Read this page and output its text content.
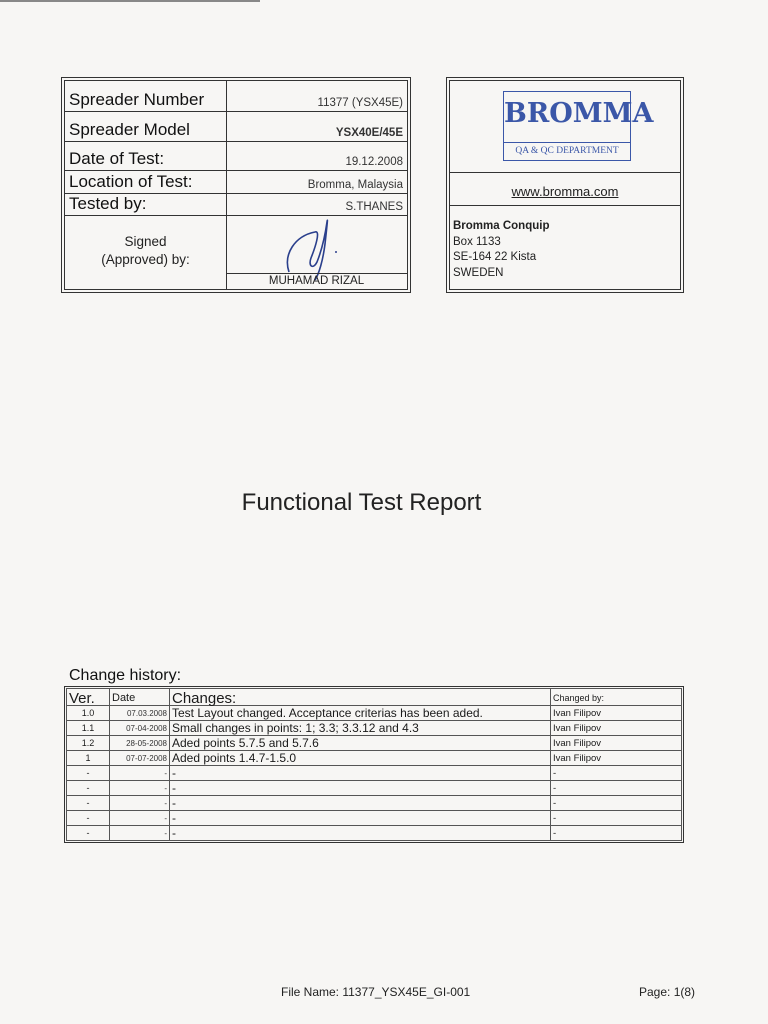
Spreader Number	11377 (YSX45E)
Spreader Model	YSX40E/45E
Date of Test:	19.12.2008
Location of Test:	Bromma, Malaysia
Tested by:	S.THANES
Signed
(Approved) by:
MUHAMAD RIZAL
BROMMA
QA & QC DEPARTMENT
www.bromma.com
Bromma Conquip
Box 1133
SE-164 22 Kista
SWEDEN
Functional Test Report
Change history:
Ver.	Date	Changes:	Changed by:
1.0	07.03.2008	Test Layout changed. Acceptance criterias has been aded.	Ivan Filipov
1.1	07-04-2008	Small changes in points: 1; 3.3; 3.3.12 and 4.3	Ivan Filipov
1.2	28-05-2008	Aded points 5.7.5 and 5.7.6	Ivan Filipov
1	07-07-2008	Aded points 1.4.7-1.5.0	Ivan Filipov
-	-	-	-
-	-	-	-
-	-	-	-
-	-	-	-
-	-	-	-
File Name: 11377_YSX45E_GI-001	Page: 1(8)
